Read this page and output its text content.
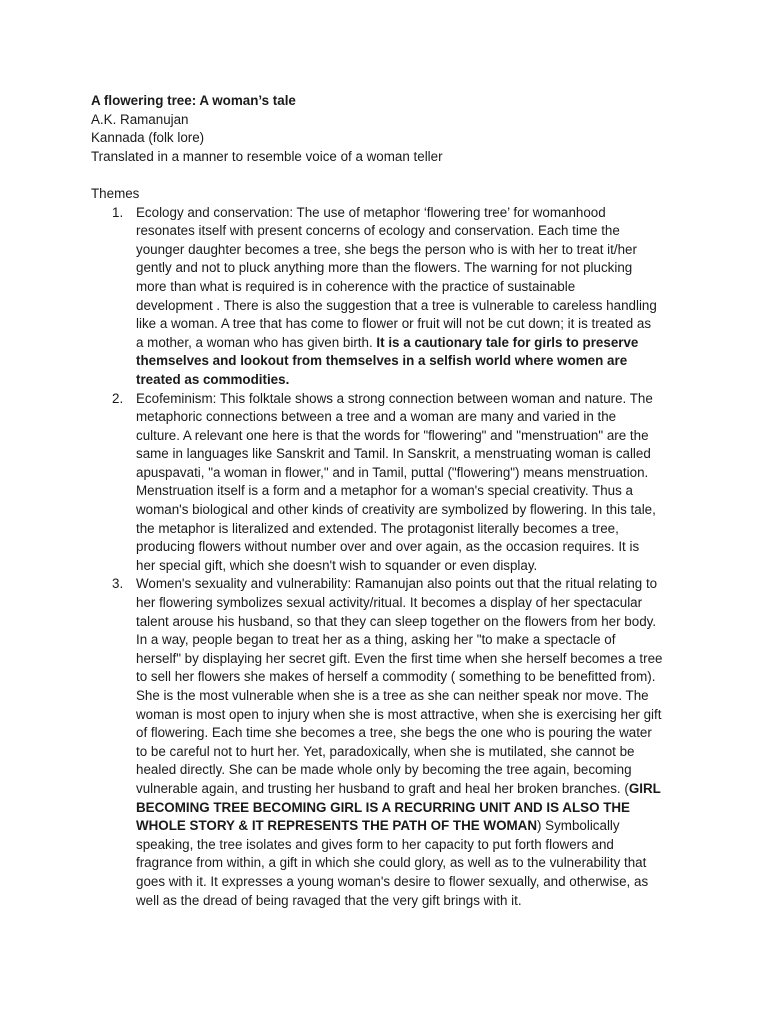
A flowering tree: A woman’s tale
A.K. Ramanujan
Kannada (folk lore)
Translated in a manner to resemble voice of a woman teller
Themes
1. Ecology and conservation: The use of metaphor ‘flowering tree’ for womanhood
resonates itself with present concerns of ecology and conservation. Each time the
younger daughter becomes a tree, she begs the person who is with her to treat it/her
gently and not to pluck anything more than the flowers. The warning for not plucking
more than what is required is in coherence with the practice of sustainable
development . There is also the suggestion that a tree is vulnerable to careless handling
like a woman. A tree that has come to flower or fruit will not be cut down; it is treated as
a mother, a woman who has given birth. It is a cautionary tale for girls to preserve
themselves and lookout from themselves in a selfish world where women are
treated as commodities.
2. Ecofeminism: This folktale shows a strong connection between woman and nature. The
metaphoric connections between a tree and a woman are many and varied in the
culture. A relevant one here is that the words for "flowering" and "menstruation" are the
same in languages like Sanskrit and Tamil. In Sanskrit, a menstruating woman is called
apuspavati, "a woman in flower," and in Tamil, puttal ("flowering") means menstruation.
Menstruation itself is a form and a metaphor for a woman's special creativity. Thus a
woman's biological and other kinds of creativity are symbolized by flowering. In this tale,
the metaphor is literalized and extended. The protagonist literally becomes a tree,
producing flowers without number over and over again, as the occasion requires. It is
her special gift, which she doesn't wish to squander or even display.
3. Women's sexuality and vulnerability: Ramanujan also points out that the ritual relating to
her flowering symbolizes sexual activity/ritual. It becomes a display of her spectacular
talent arouse his husband, so that they can sleep together on the flowers from her body.
In a way, people began to treat her as a thing, asking her "to make a spectacle of
herself" by displaying her secret gift. Even the first time when she herself becomes a tree
to sell her flowers she makes of herself a commodity ( something to be benefitted from).
She is the most vulnerable when she is a tree as she can neither speak nor move. The
woman is most open to injury when she is most attractive, when she is exercising her gift
of flowering. Each time she becomes a tree, she begs the one who is pouring the water
to be careful not to hurt her. Yet, paradoxically, when she is mutilated, she cannot be
healed directly. She can be made whole only by becoming the tree again, becoming
vulnerable again, and trusting her husband to graft and heal her broken branches. (GIRL
BECOMING TREE BECOMING GIRL IS A RECURRING UNIT AND IS ALSO THE
WHOLE STORY & IT REPRESENTS THE PATH OF THE WOMAN) Symbolically
speaking, the tree isolates and gives form to her capacity to put forth flowers and
fragrance from within, a gift in which she could glory, as well as to the vulnerability that
goes with it. It expresses a young woman's desire to flower sexually, and otherwise, as
well as the dread of being ravaged that the very gift brings with it.
